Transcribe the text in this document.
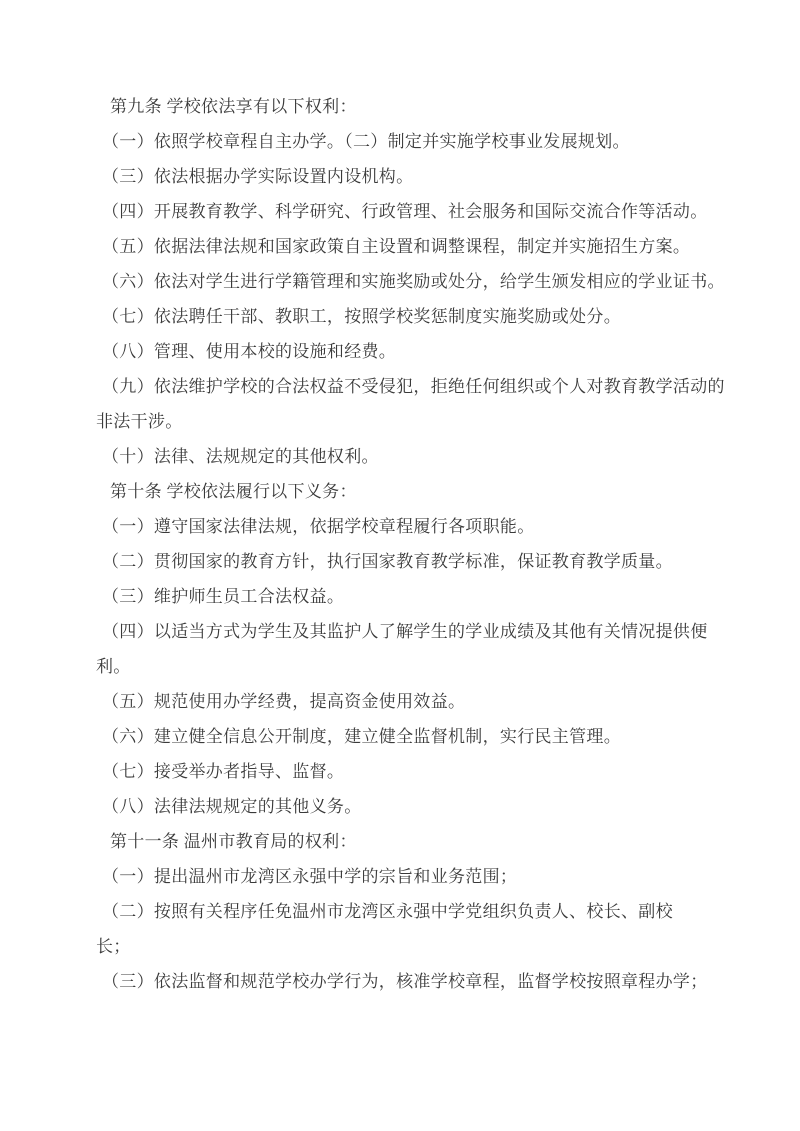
第九条 学校依法享有以下权利：
（一）依照学校章程自主办学。（二）制定并实施学校事业发展规划。
（三）依法根据办学实际设置内设机构。
（四）开展教育教学、科学研究、行政管理、社会服务和国际交流合作等活动。
（五）依据法律法规和国家政策自主设置和调整课程，制定并实施招生方案。
（六）依法对学生进行学籍管理和实施奖励或处分，给学生颁发相应的学业证书。
（七）依法聘任干部、教职工，按照学校奖惩制度实施奖励或处分。
（八）管理、使用本校的设施和经费。
（九）依法维护学校的合法权益不受侵犯，拒绝任何组织或个人对教育教学活动的
非法干涉。
（十）法律、法规规定的其他权利。
第十条 学校依法履行以下义务：
（一）遵守国家法律法规，依据学校章程履行各项职能。
（二）贯彻国家的教育方针，执行国家教育教学标准，保证教育教学质量。
（三）维护师生员工合法权益。
（四）以适当方式为学生及其监护人了解学生的学业成绩及其他有关情况提供便
利。
（五）规范使用办学经费，提高资金使用效益。
（六）建立健全信息公开制度，建立健全监督机制，实行民主管理。
（七）接受举办者指导、监督。
（八）法律法规规定的其他义务。
第十一条 温州市教育局的权利：
（一）提出温州市龙湾区永强中学的宗旨和业务范围；
（二）按照有关程序任免温州市龙湾区永强中学党组织负责人、校长、副校
长；
（三）依法监督和规范学校办学行为，核准学校章程，监督学校按照章程办学；
